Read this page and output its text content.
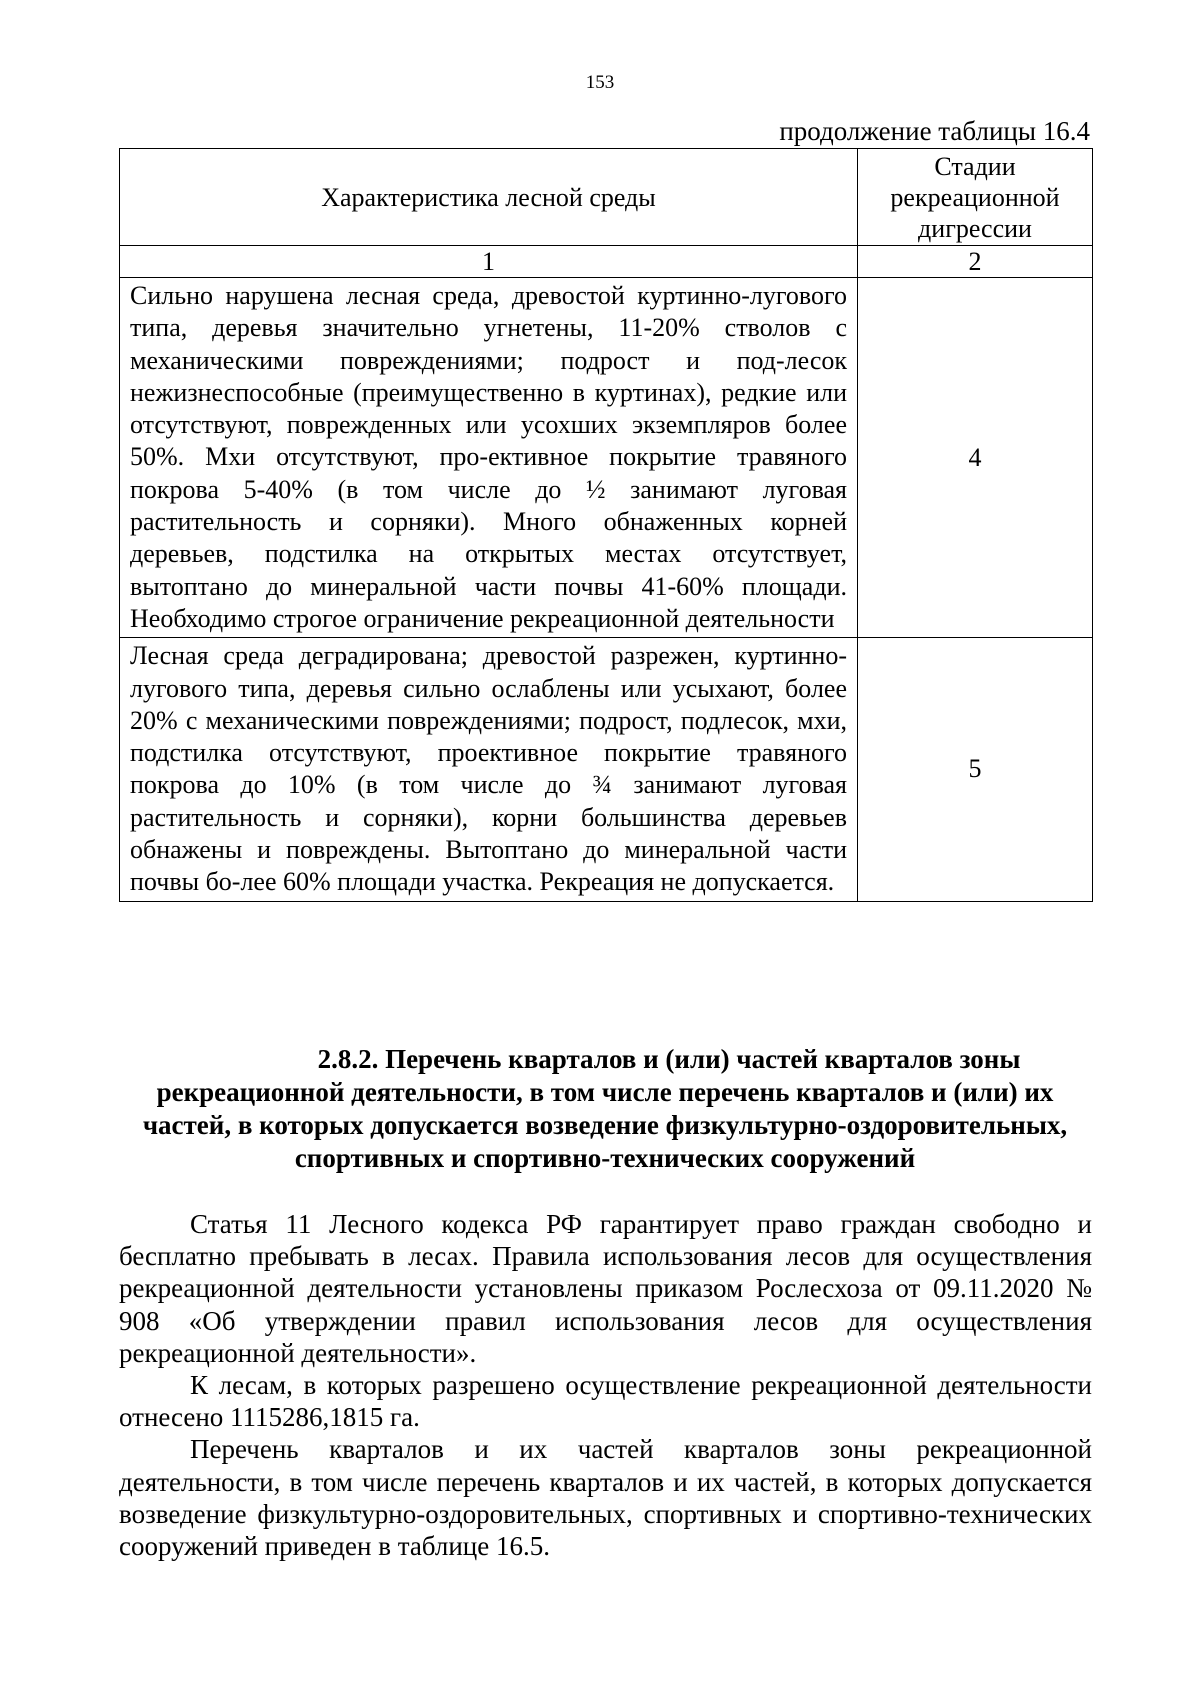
153
продолжение таблицы 16.4
Характеристика лесной среды	Стадии рекреационной дигрессии
1	2
Сильно нарушена лесная среда, древостой куртинно-лугового типа, деревья значительно угнетены, 11-20% стволов с механическими повреждениями; подрост и под-лесок нежизнеспособные (преимущественно в куртинах), редкие или отсутствуют, поврежденных или усохших экземпляров более 50%. Мхи отсутствуют, про-ективное покрытие травяного покрова 5-40% (в том числе до ½ занимают луговая растительность и сорняки). Много обнаженных корней деревьев, подстилка на открытых местах отсутствует, вытоптано до минеральной части почвы 41-60% площади. Необходимо строгое ограничение рекреационной деятельности	4
Лесная среда деградирована; древостой разрежен, куртинно-лугового типа, деревья сильно ослаблены или усыхают, более 20% с механическими повреждениями; подрост, подлесок, мхи, подстилка отсутствуют, проективное покрытие травяного покрова до 10% (в том числе до ¾ занимают луговая растительность и сорняки), корни большинства деревьев обнажены и повреждены. Вытоптано до минеральной части почвы бо-лее 60% площади участка. Рекреация не допускается.	5
2.8.2. Перечень кварталов и (или) частей кварталов зоны
рекреационной деятельности, в том числе перечень кварталов и (или) их частей, в которых допускается возведение физкультурно-оздоровительных, спортивных и спортивно-технических сооружений

Статья 11 Лесного кодекса РФ гарантирует право граждан свободно и бесплатно пребывать в лесах. Правила использования лесов для осуществления рекреационной деятельности установлены приказом Рослесхоза от 09.11.2020 № 908 «Об утверждении правил использования лесов для осуществления рекреационной деятельности».

К лесам, в которых разрешено осуществление рекреационной деятельности отнесено 1115286,1815 га.

Перечень кварталов и их частей кварталов зоны рекреационной деятельности, в том числе перечень кварталов и их частей, в которых допускается возведение физкультурно-оздоровительных, спортивных и спортивно-технических сооружений приведен в таблице 16.5.
